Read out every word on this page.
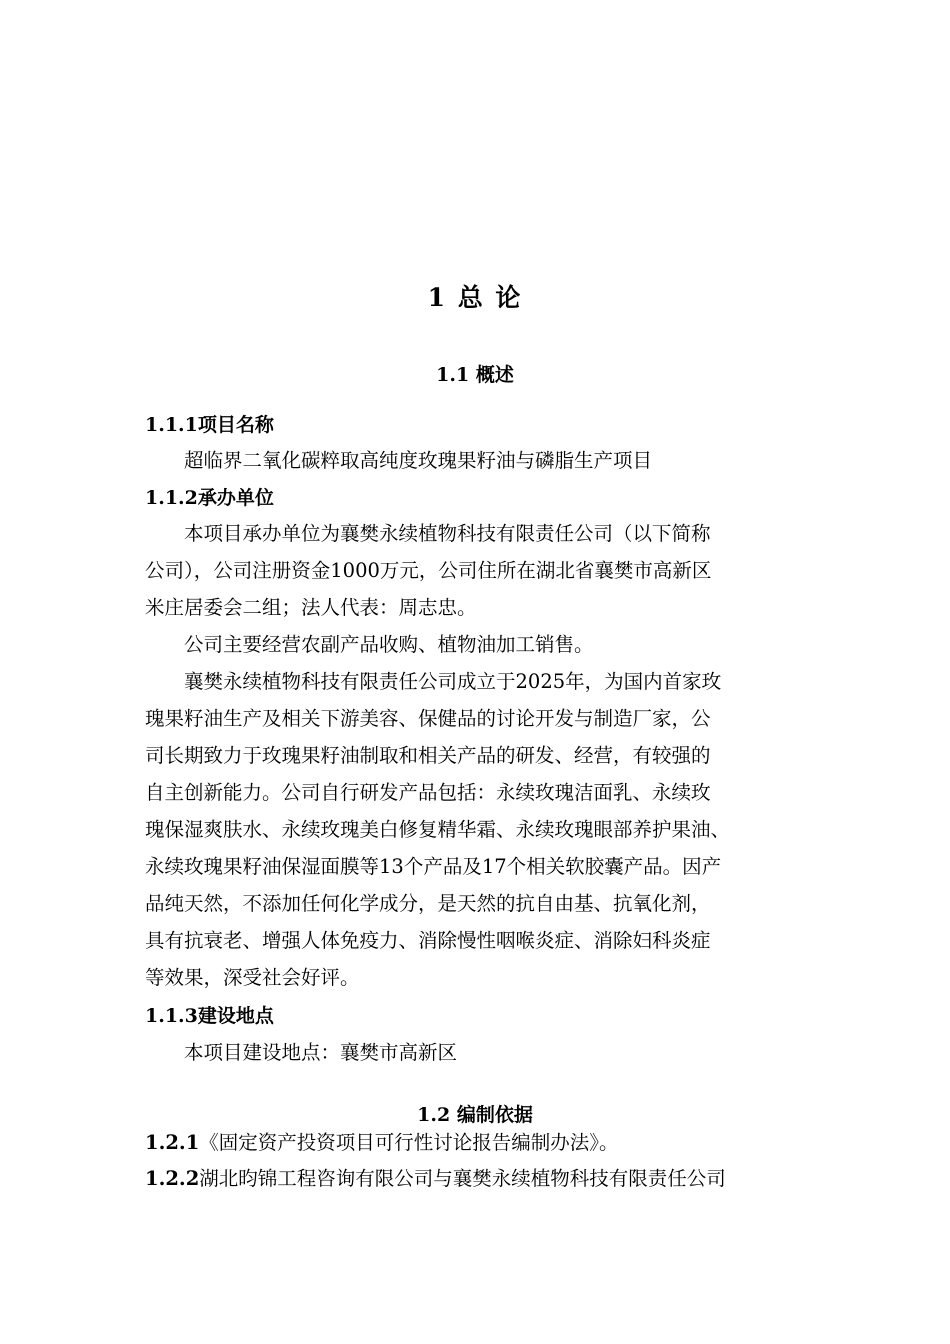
1 总 论
1.1 概述
1.1.1项目名称

超临界二氧化碳粹取高纯度玫瑰果籽油与磷脂生产项目

1.1.2承办单位

本项目承办单位为襄樊永续植物科技有限责任公司（以下简称
公司），公司注册资金1000万元，公司住所在湖北省襄樊市高新区
米庄居委会二组；法人代表：周志忠。

公司主要经营农副产品收购、植物油加工销售。

襄樊永续植物科技有限责任公司成立于2025年，为国内首家玫
瑰果籽油生产及相关下游美容、保健品的讨论开发与制造厂家，公
司长期致力于玫瑰果籽油制取和相关产品的研发、经营，有较强的
自主创新能力。公司自行研发产品包括：永续玫瑰洁面乳、永续玫
瑰保湿爽肤水、永续玫瑰美白修复精华霜、永续玫瑰眼部养护果油、
永续玫瑰果籽油保湿面膜等13个产品及17个相关软胶囊产品。因产
品纯天然，不添加任何化学成分，是天然的抗自由基、抗氧化剂，
具有抗衰老、增强人体免疫力、消除慢性咽喉炎症、消除妇科炎症
等效果，深受社会好评。

1.1.3建设地点

本项目建设地点：襄樊市高新区

1.2 编制依据
1.2.1《固定资产投资项目可行性讨论报告编制办法》。
1.2.2湖北昀锦工程咨询有限公司与襄樊永续植物科技有限责任公司
